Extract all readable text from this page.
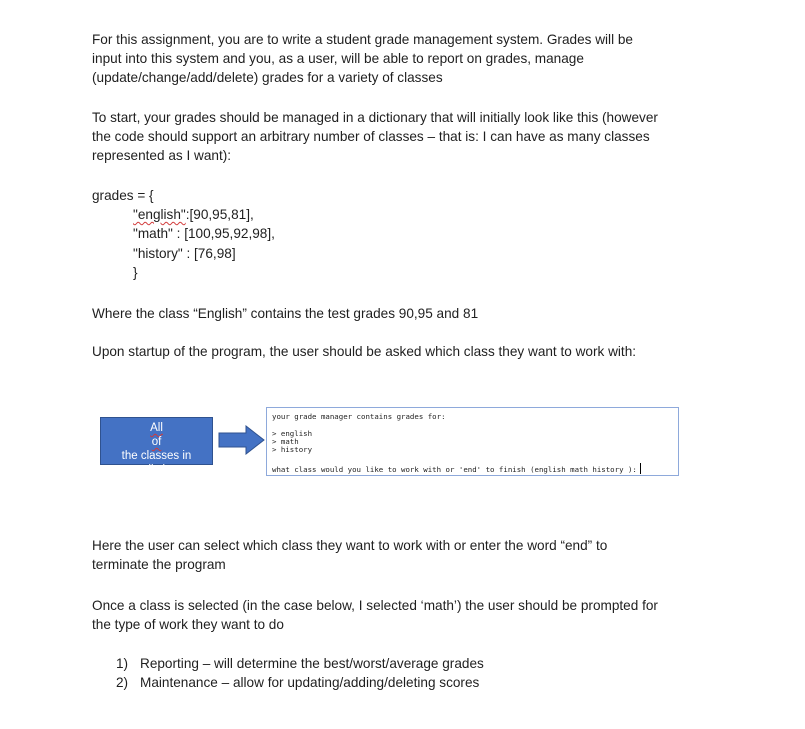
For this assignment, you are to write a student grade management system. Grades will be
input into this system and you, as a user, will be able to report on grades, manage
(update/change/add/delete) grades for a variety of classes
To start, your grades should be managed in a dictionary that will initially look like this (however
the code should support an arbitrary number of classes – that is: I can have as many classes
represented as I want):
grades = {
"english":[90,95,81],
"math" : [100,95,92,98],
"history" : [76,98]
}
Where the class “English” contains the test grades 90,95 and 81
Upon startup of the program, the user should be asked which class they want to work with:
All
of
the classes in
your dictionary
definiition
your grade manager contains grades for:
> english
> math
> history
what class would you like to work with or 'end' to finish (english math history ):
Here the user can select which class they want to work with or enter the word “end” to
terminate the program
Once a class is selected (in the case below, I selected ‘math’) the user should be prompted for
the type of work they want to do
1) Reporting – will determine the best/worst/average grades
2) Maintenance – allow for updating/adding/deleting scores
